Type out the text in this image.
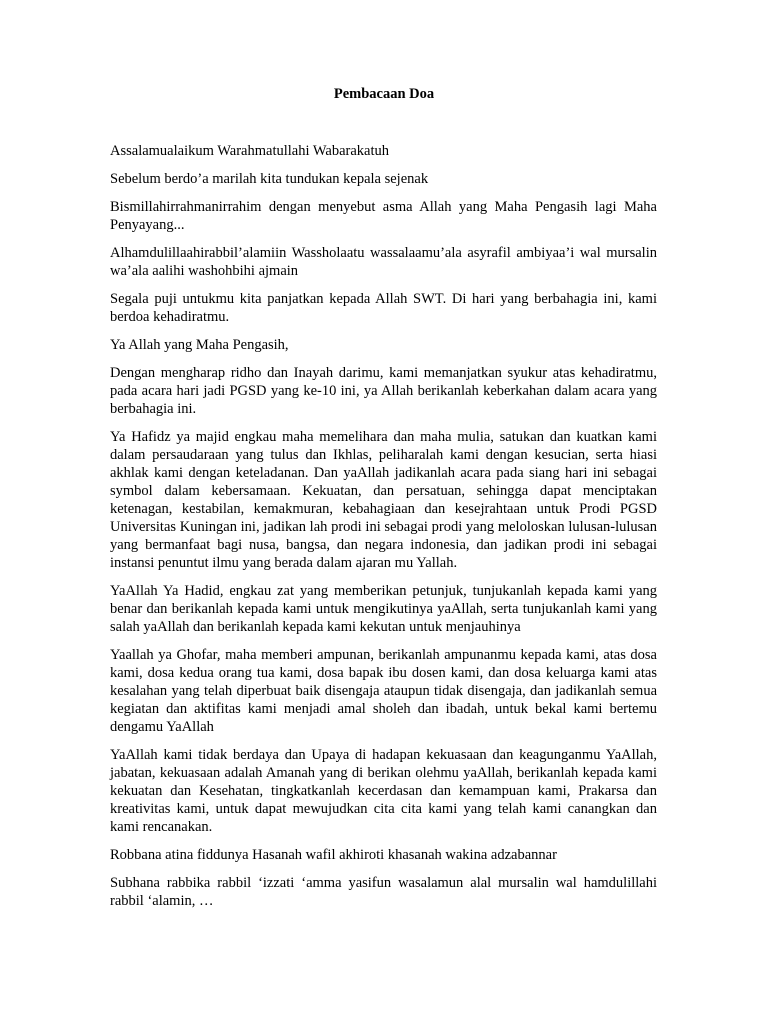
Pembacaan Doa

Assalamualaikum Warahmatullahi Wabarakatuh

Sebelum berdo’a marilah kita tundukan kepala sejenak

Bismillahirrahmanirrahim dengan menyebut asma Allah yang Maha Pengasih lagi Maha Penyayang...

Alhamdulillaahirabbil’alamiin Wassholaatu wassalaamu’ala asyrafil ambiyaa’i wal mursalin wa’ala aalihi washohbihi ajmain

Segala puji untukmu kita panjatkan kepada Allah SWT. Di hari yang berbahagia ini, kami berdoa kehadiratmu.

Ya Allah yang Maha Pengasih,

Dengan mengharap ridho dan Inayah darimu, kami memanjatkan syukur atas kehadiratmu, pada acara hari jadi PGSD yang ke-10 ini, ya Allah berikanlah keberkahan dalam acara yang berbahagia ini.

Ya Hafidz ya majid engkau maha memelihara dan maha mulia, satukan dan kuatkan kami dalam persaudaraan yang tulus dan Ikhlas, peliharalah kami dengan kesucian, serta hiasi akhlak kami dengan keteladanan. Dan yaAllah jadikanlah acara pada siang hari ini sebagai symbol dalam kebersamaan. Kekuatan, dan persatuan, sehingga dapat menciptakan ketenagan, kestabilan, kemakmuran, kebahagiaan dan kesejrahtaan untuk Prodi PGSD Universitas Kuningan ini, jadikan lah prodi ini sebagai prodi yang meloloskan lulusan-lulusan yang bermanfaat bagi nusa, bangsa, dan negara indonesia, dan jadikan prodi ini sebagai instansi penuntut ilmu yang berada dalam ajaran mu Yallah.

YaAllah Ya Hadid, engkau zat yang memberikan petunjuk, tunjukanlah kepada kami yang benar dan berikanlah kepada kami untuk mengikutinya yaAllah, serta tunjukanlah kami yang salah yaAllah dan berikanlah kepada kami kekutan untuk menjauhinya

Yaallah ya Ghofar, maha memberi ampunan, berikanlah ampunanmu kepada kami, atas dosa kami, dosa kedua orang tua kami, dosa bapak ibu dosen kami, dan dosa keluarga kami atas kesalahan yang telah diperbuat baik disengaja ataupun tidak disengaja, dan jadikanlah semua kegiatan dan aktifitas kami menjadi amal sholeh dan ibadah, untuk bekal kami bertemu dengamu YaAllah

YaAllah kami tidak berdaya dan Upaya di hadapan kekuasaan dan keagunganmu YaAllah, jabatan, kekuasaan adalah Amanah yang di berikan olehmu yaAllah, berikanlah kepada kami kekuatan dan Kesehatan, tingkatkanlah kecerdasan dan kemampuan kami, Prakarsa dan kreativitas kami, untuk dapat mewujudkan cita cita kami yang telah kami canangkan dan kami rencanakan.

Robbana atina fiddunya Hasanah wafil akhiroti khasanah wakina adzabannar

Subhana rabbika rabbil ‘izzati ‘amma yasifun wasalamun alal mursalin wal hamdulillahi rabbil ‘alamin, …
